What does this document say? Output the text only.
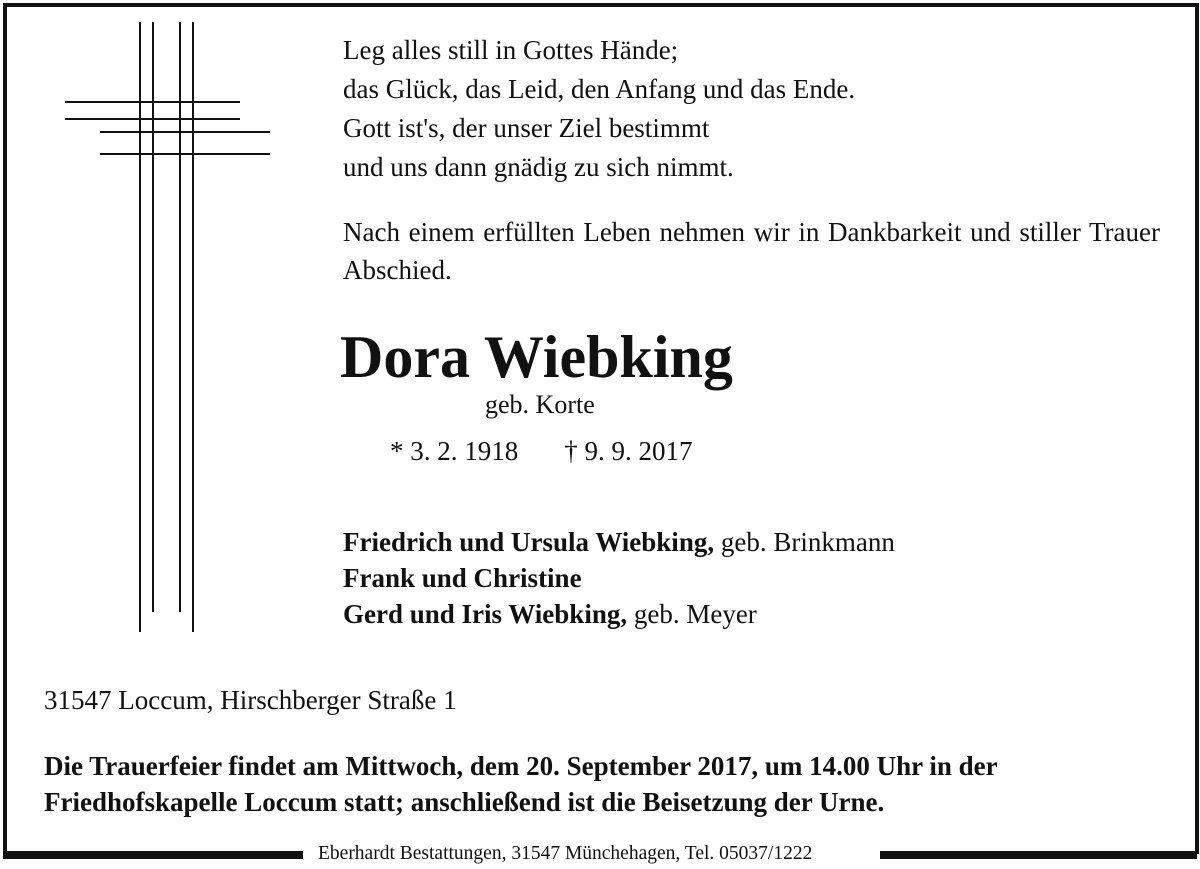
Leg alles still in Gottes Hände;
das Glück, das Leid, den Anfang und das Ende.
Gott ist's, der unser Ziel bestimmt
und uns dann gnädig zu sich nimmt.
Nach einem erfüllten Leben nehmen wir in Dankbarkeit und stiller Trauer Abschied.
Dora Wiebking
geb. Korte
* 3. 2. 1918 † 9. 9. 2017
Friedrich und Ursula Wiebking, geb. Brinkmann
Frank und Christine
Gerd und Iris Wiebking, geb. Meyer
31547 Loccum, Hirschberger Straße 1
Die Trauerfeier findet am Mittwoch, dem 20. September 2017, um 14.00 Uhr in der
Friedhofskapelle Loccum statt; anschließend ist die Beisetzung der Urne.
Eberhardt Bestattungen, 31547 Münchehagen, Tel. 05037/1222
